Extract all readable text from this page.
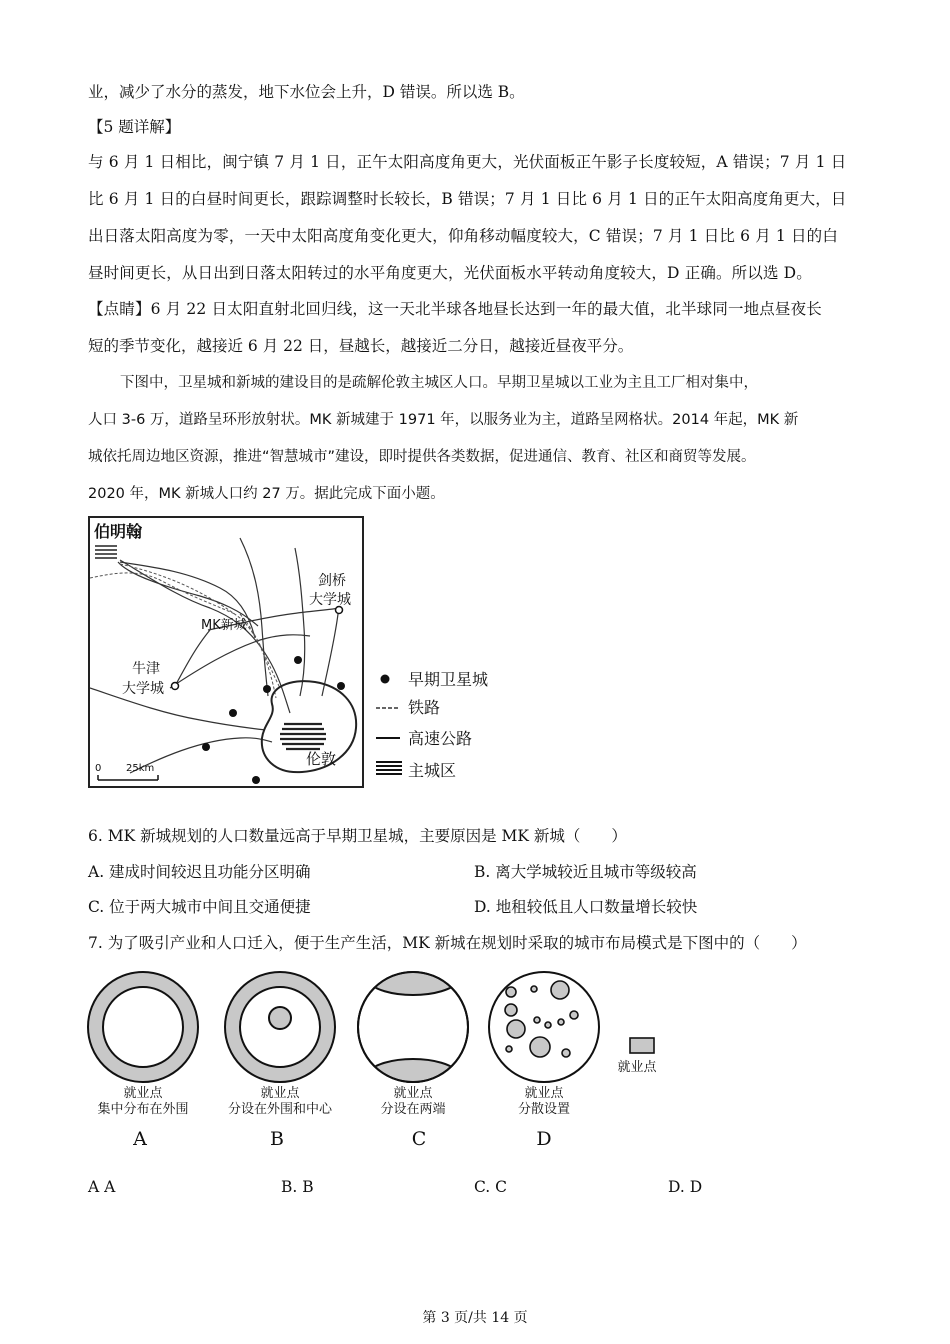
业，减少了水分的蒸发，地下水位会上升，D 错误。所以选 B。
【5 题详解】
与 6 月 1 日相比，闽宁镇 7 月 1 日，正午太阳高度角更大，光伏面板正午影子长度较短，A 错误；7 月 1 日
比 6 月 1 日的白昼时间更长，跟踪调整时长较长，B 错误；7 月 1 日比 6 月 1 日的正午太阳高度角更大，日
出日落太阳高度为零，一天中太阳高度角变化更大，仰角移动幅度较大，C 错误；7 月 1 日比 6 月 1 日的白
昼时间更长，从日出到日落太阳转过的水平角度更大，光伏面板水平转动角度较大，D 正确。所以选 D。
【点睛】6 月 22 日太阳直射北回归线，这一天北半球各地昼长达到一年的最大值，北半球同一地点昼夜长
短的季节变化，越接近 6 月 22 日，昼越长，越接近二分日，越接近昼夜平分。
下图中，卫星城和新城的建设目的是疏解伦敦主城区人口。早期卫星城以工业为主且工厂相对集中，
人口 3-6 万，道路呈环形放射状。MK 新城建于 1971 年，以服务业为主，道路呈网格状。2014 年起，MK 新
城依托周边地区资源，推进“智慧城市”建设，即时提供各类数据，促进通信、教育、社区和商贸等发展。
2020 年，MK 新城人口约 27 万。据此完成下面小题。
伯明翰
剑桥
大学城
MK新城
牛津
大学城
伦敦
0 25km
早期卫星城
铁路
高速公路
主城区
6. MK 新城规划的人口数量远高于早期卫星城，主要原因是 MK 新城（　　）
A. 建成时间较迟且功能分区明确	B. 离大学城较近且城市等级较高
C. 位于两大城市中间且交通便捷	D. 地租较低且人口数量增长较快
7. 为了吸引产业和人口迁入，便于生产生活，MK 新城在规划时采取的城市布局模式是下图中的（　　）
就业点
集中分布在外围
A
就业点
分设在外围和中心
B
就业点
分设在两端
C
就业点
分散设置
D
就业点
A A	B. B	C. C	D. D
第 3 页/共 14 页
